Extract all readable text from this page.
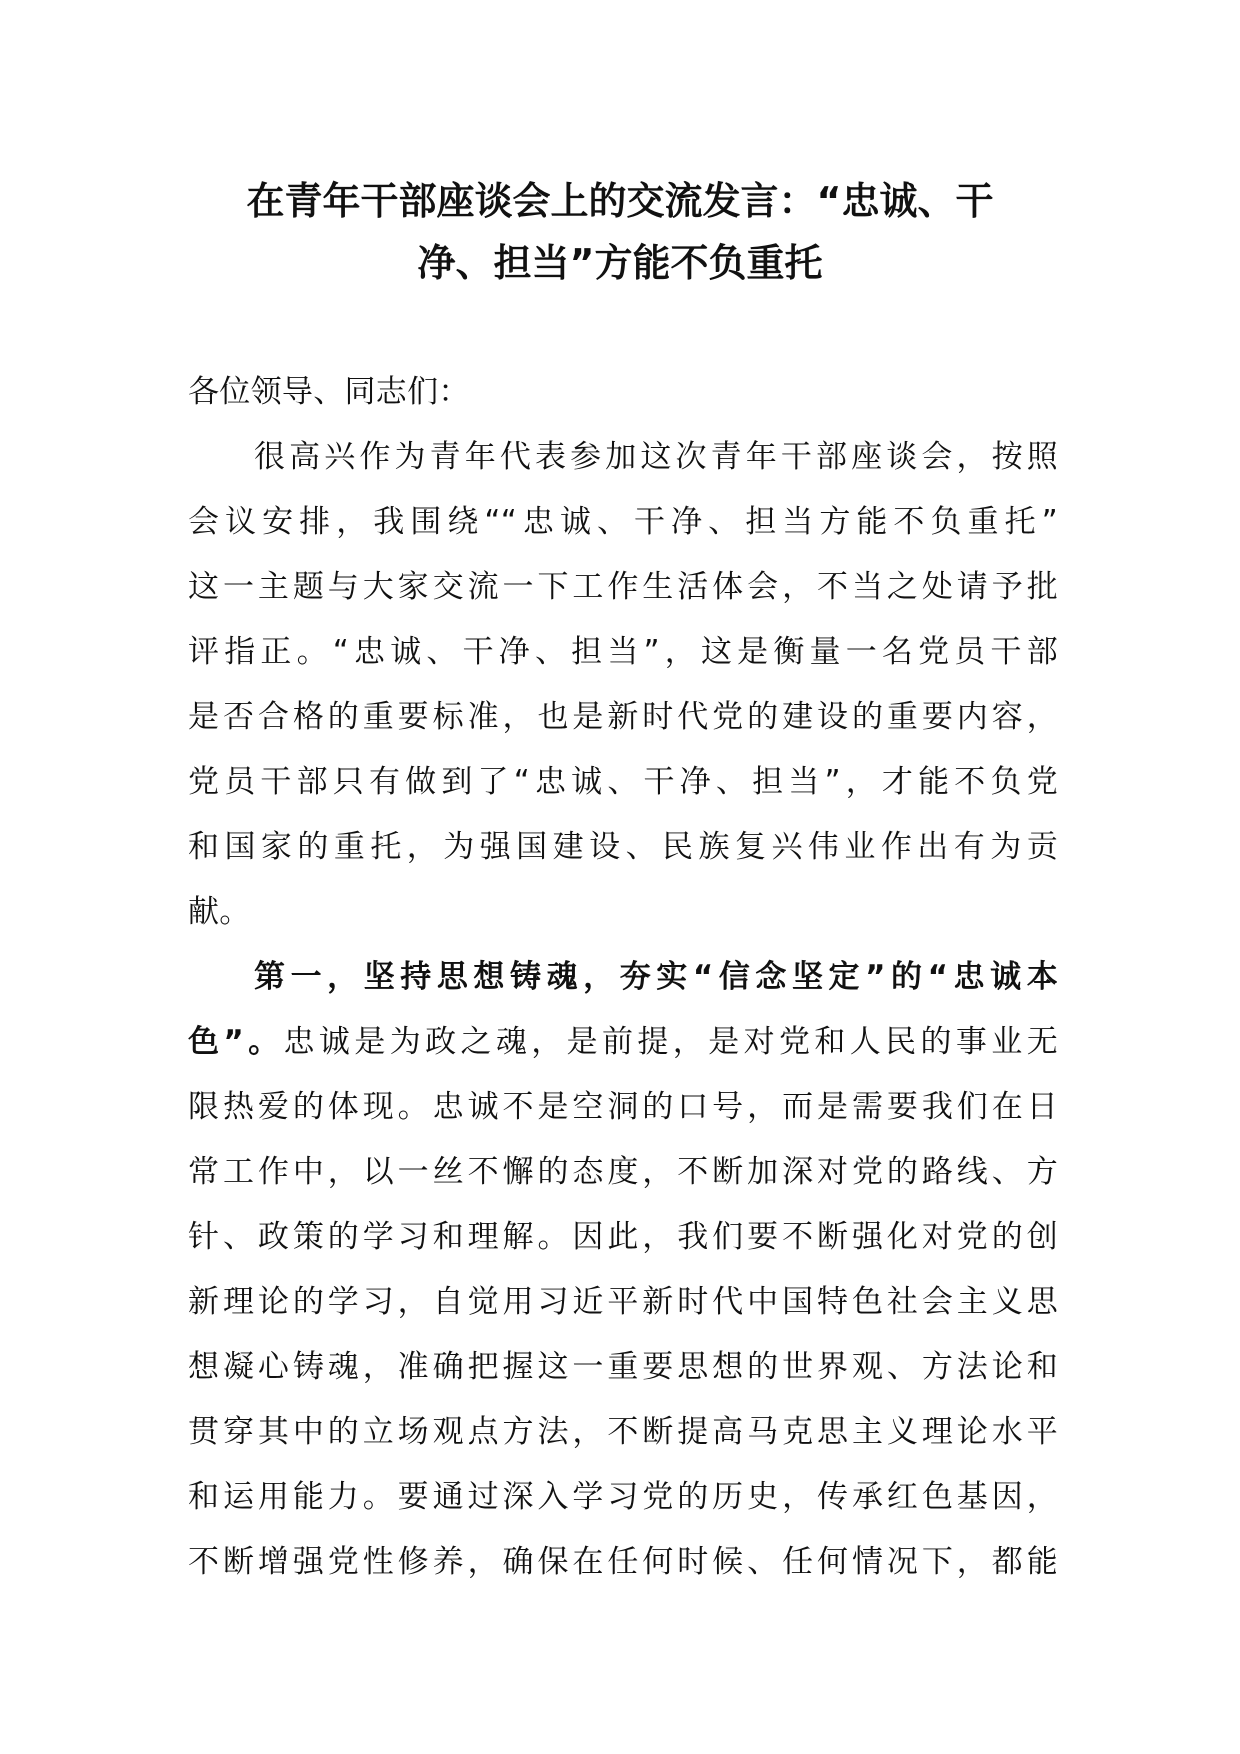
在青年干部座谈会上的交流发言：“忠诚、干
净、担当”方能不负重托
各位领导、同志们：
很高兴作为青年代表参加这次青年干部座谈会，按照
会议安排，我围绕““忠诚、干净、担当方能不负重托”
这一主题与大家交流一下工作生活体会，不当之处请予批
评指正。“忠诚、干净、担当”，这是衡量一名党员干部
是否合格的重要标准，也是新时代党的建设的重要内容，
党员干部只有做到了“忠诚、干净、担当”，才能不负党
和国家的重托，为强国建设、民族复兴伟业作出有为贡
献。
第一，坚持思想铸魂，夯实“信念坚定”的“忠诚本
色”。忠诚是为政之魂，是前提，是对党和人民的事业无
限热爱的体现。忠诚不是空洞的口号，而是需要我们在日
常工作中，以一丝不懈的态度，不断加深对党的路线、方
针、政策的学习和理解。因此，我们要不断强化对党的创
新理论的学习，自觉用习近平新时代中国特色社会主义思
想凝心铸魂，准确把握这一重要思想的世界观、方法论和
贯穿其中的立场观点方法，不断提高马克思主义理论水平
和运用能力。要通过深入学习党的历史，传承红色基因，
不断增强党性修养，确保在任何时候、任何情况下，都能
